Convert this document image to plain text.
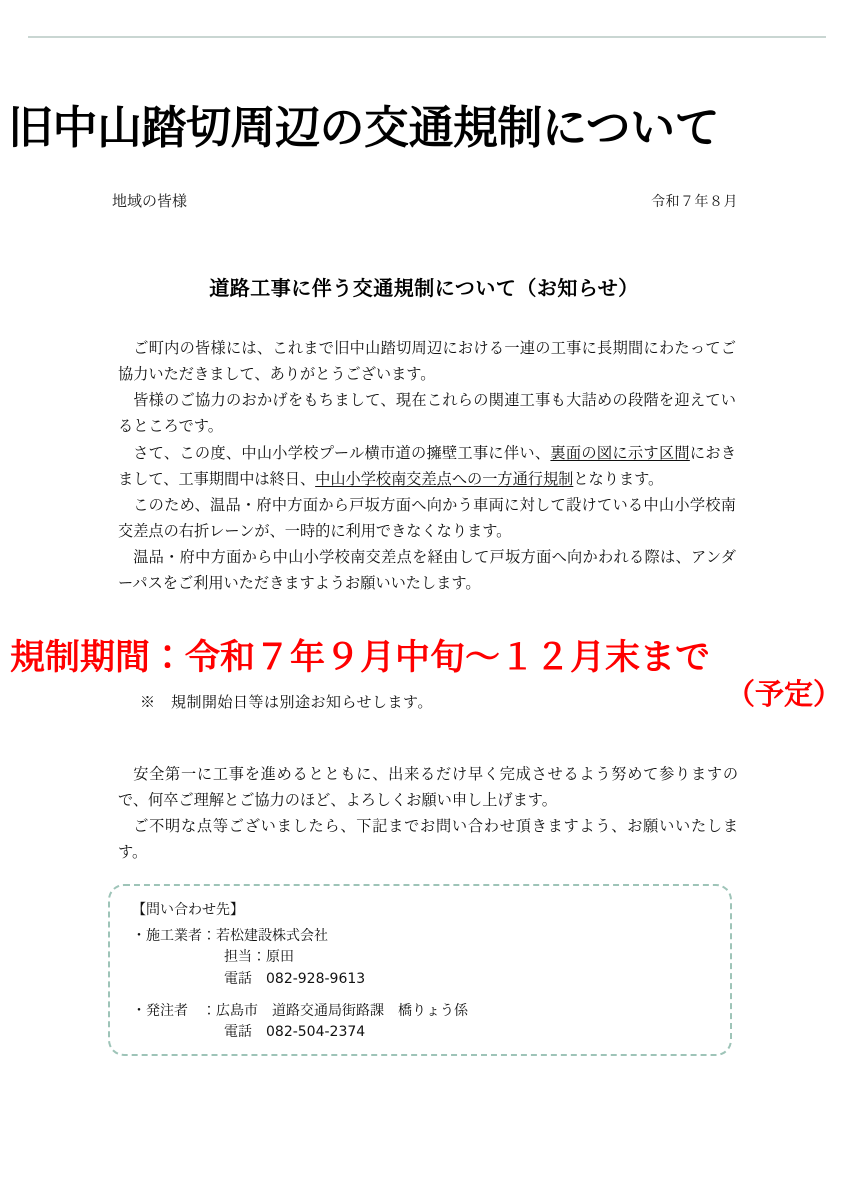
旧中山踏切周辺の交通規制について
地域の皆様	令和７年８月
道路工事に伴う交通規制について（お知らせ）

ご町内の皆様には、これまで旧中山踏切周辺における一連の工事に長期間にわたってご協力いただきまして、ありがとうございます。

皆様のご協力のおかげをもちまして、現在これらの関連工事も大詰めの段階を迎えているところです。

さて、この度、中山小学校プール横市道の擁壁工事に伴い、裏面の図に示す区間におきまして、工事期間中は終日、中山小学校南交差点への一方通行規制となります。

このため、温品・府中方面から戸坂方面へ向かう車両に対して設けている中山小学校南交差点の右折レーンが、一時的に利用できなくなります。

温品・府中方面から中山小学校南交差点を経由して戸坂方面へ向かわれる際は、アンダーパスをご利用いただきますようお願いいたします。

規制期間：令和７年９月中旬～１２月末まで
（予定）
※　規制開始日等は別途お知らせします。

安全第一に工事を進めるとともに、出来るだけ早く完成させるよう努めて参りますので、何卒ご理解とご協力のほど、よろしくお願い申し上げます。

ご不明な点等ございましたら、下記までお問い合わせ頂きますよう、お願いいたします。

【問い合わせ先】
・施工業者：若松建設株式会社
担当：原田
電話　082-928-9613
・発注者　：広島市　道路交通局街路課　橋りょう係
電話　082-504-2374
